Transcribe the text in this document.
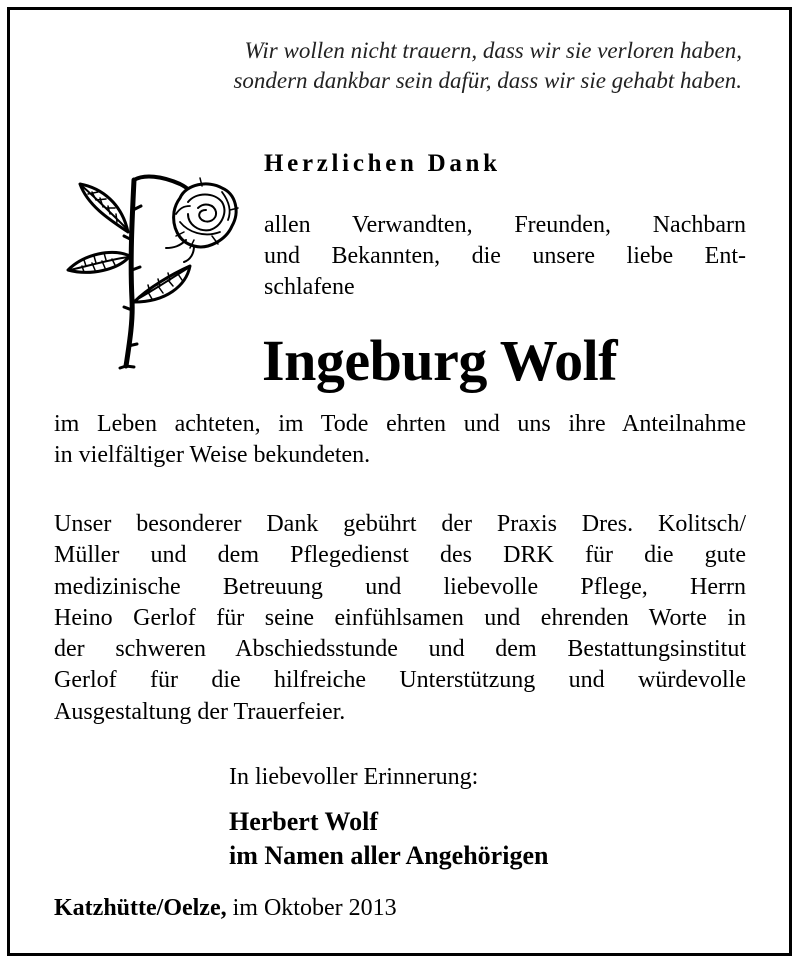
Wir wollen nicht trauern, dass wir sie verloren haben,
sondern dankbar sein dafür, dass wir sie gehabt haben.
Herzlichen Dank
allen Verwandten, Freunden, Nachbarn
und Bekannten, die unsere liebe Ent-
schlafene
Ingeburg Wolf
im Leben achteten, im Tode ehrten und uns ihre Anteilnahme
in vielfältiger Weise bekundeten.
Unser besonderer Dank gebührt der Praxis Dres. Kolitsch/
Müller und dem Pflegedienst des DRK für die gute
medizinische Betreuung und liebevolle Pflege, Herrn
Heino Gerlof für seine einfühlsamen und ehrenden Worte in
der schweren Abschiedsstunde und dem Bestattungsinstitut
Gerlof für die hilfreiche Unterstützung und würdevolle
Ausgestaltung der Trauerfeier.
In liebevoller Erinnerung:
Herbert Wolf
im Namen aller Angehörigen
Katzhütte/Oelze, im Oktober 2013
